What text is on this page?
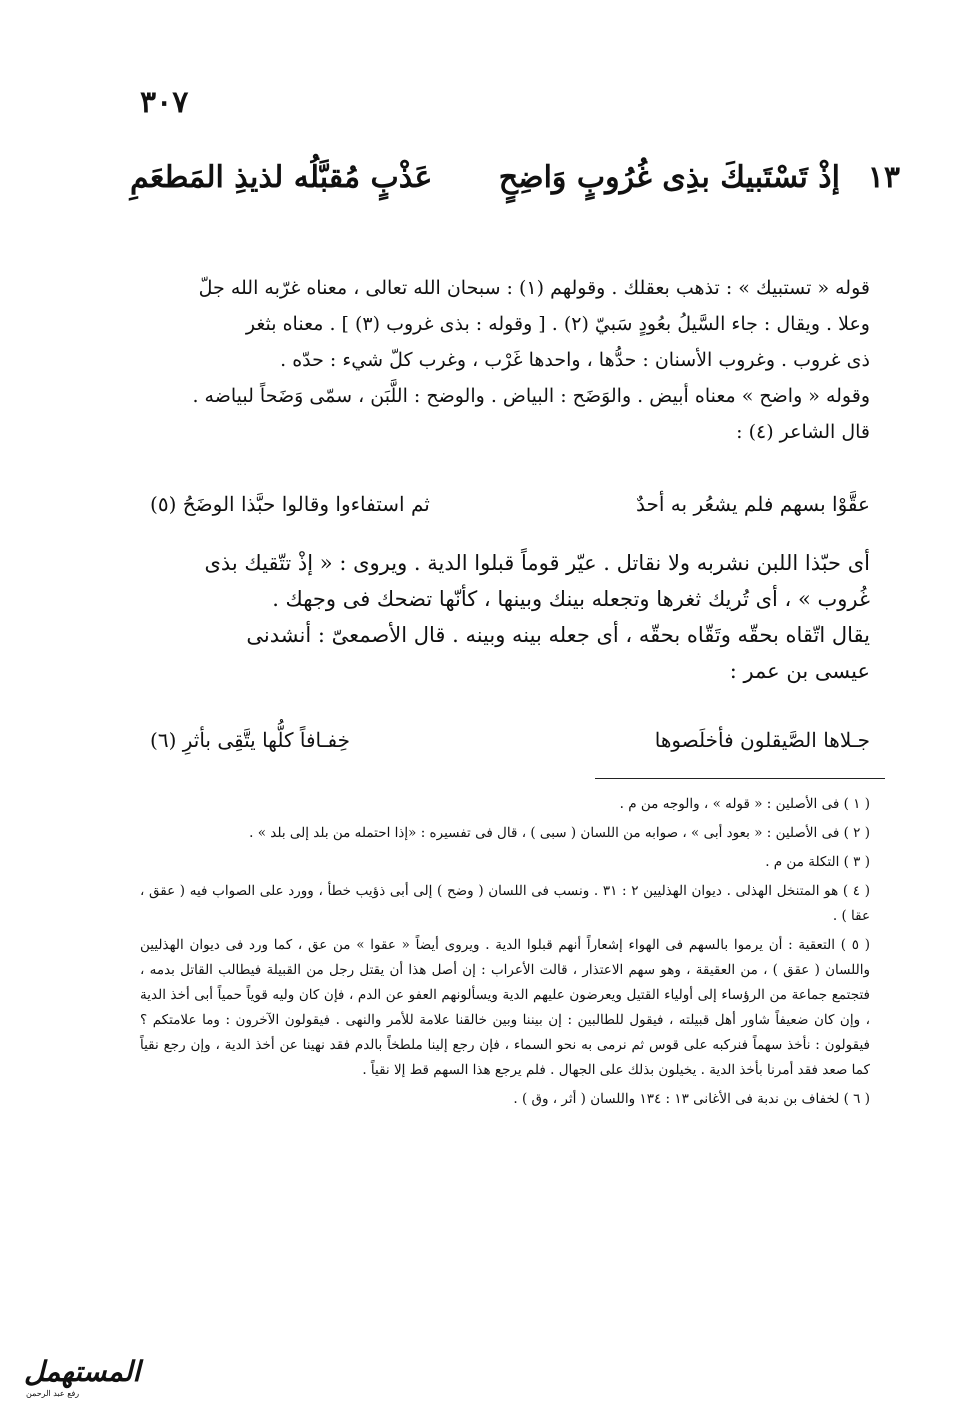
٣٠٧
١٣
إذْ تَسْتَبيكَ بذِى غُرُوبٍ وَاضِحٍ
عَذْبٍ مُقبَّلُه لذيذِ المَطعَمِ

قوله « تستبيك » : تذهب بعقلك . وقولهم (١) : سبحان الله تعالى ، معناه غرّبه الله جلّ

وعلا . ويقال : جاء السَّيلُ بعُودٍ سَبيّ (٢) . [ وقوله : بذى غروب (٣) ] . معناه بثغر

ذى غروب . وغروب الأسنان : حدُّها ، واحدها غَرْب ، وغرب كلّ شيء : حدّه .

وقوله « واضح » معناه أبيض . والوَضَح : البياض . والوضح : اللَّبَن ، سمّى وَضَحاً لبياضه .

قال الشاعر (٤) :

عقَّوْا بسهم فلم يشعُر به أحدٌ
ثم استفاءوا وقالوا حبَّذا الوضَحُ (٥)

أى حبّذا اللبن نشربه ولا نقاتل . عيّر قوماً قبلوا الدية . ويروى : « إذْ تتّقيك بذى

غُروب » ، أى تُريك ثغرها وتجعله بينك وبينها ، كأنّها تضحك فى وجهك .

يقال اتّقاه بحقّه وتَقّاه بحقّه ، أى جعله بينه وبينه . قال الأصمعىّ : أنشدنى

عيسى بن عمر :

جـلاها الصَّيقلون فأخلَصوها
خِفـافاً كلُّها يتَّقِى بأثرِ (٦)

( ١ ) فى الأصلين : « قوله » ، والوجه من م .

( ٢ ) فى الأصلين : « بعود أبى » ، صوابه من اللسان ( سبى ) ، قال فى تفسيره : «إذا احتمله من بلد إلى بلد » .

( ٣ ) التكلة من م .

( ٤ ) هو المتنخل الهذلى . ديوان الهذليين ٢ : ٣١ . ونسب فى اللسان ( وضح ) إلى أبى ذؤيب خطأ ، وورد على الصواب فيه ( عقق ، عقا ) .

( ٥ ) التعقية : أن يرموا بالسهم فى الهواء إشعاراً أنهم قبلوا الدية . ويروى أيضاً « عقوا » من عق ، كما ورد فى ديوان الهذليين واللسان ( عقق ) ، من العقيقة ، وهو سهم الاعتذار ، قالت الأعراب : إن أصل هذا أن يقتل رجل من القبيلة فيطالب القاتل بدمه ، فتجتمع جماعة من الرؤساء إلى أولياء القتيل ويعرضون عليهم الدية ويسألونهم العفو عن الدم ، فإن كان وليه قوياً حمياً أبى أخذ الدية ، وإن كان ضعيفاً شاور أهل قبيلته ، فيقول للطالبين : إن بيننا وبين خالقنا علامة للأمر والنهى . فيقولون الآخرون : وما علامتكم ؟ فيقولون : نأخذ سهماً فنركبه على قوس ثم نرمى به نحو السماء ، فإن رجع إلينا ملطخاً بالدم فقد نهينا عن أخذ الدية ، وإن رجع نقياً كما صعد فقد أمرنا بأخذ الدية . يخيلون بذلك على الجهال . فلم يرجع هذا السهم قط إلا نقياً .

( ٦ ) لخفاف بن ندبة فى الأغانى ١٣ : ١٣٤ واللسان ( أثر ، وق ) .

المستهمل
رفع عبد الرحمن
